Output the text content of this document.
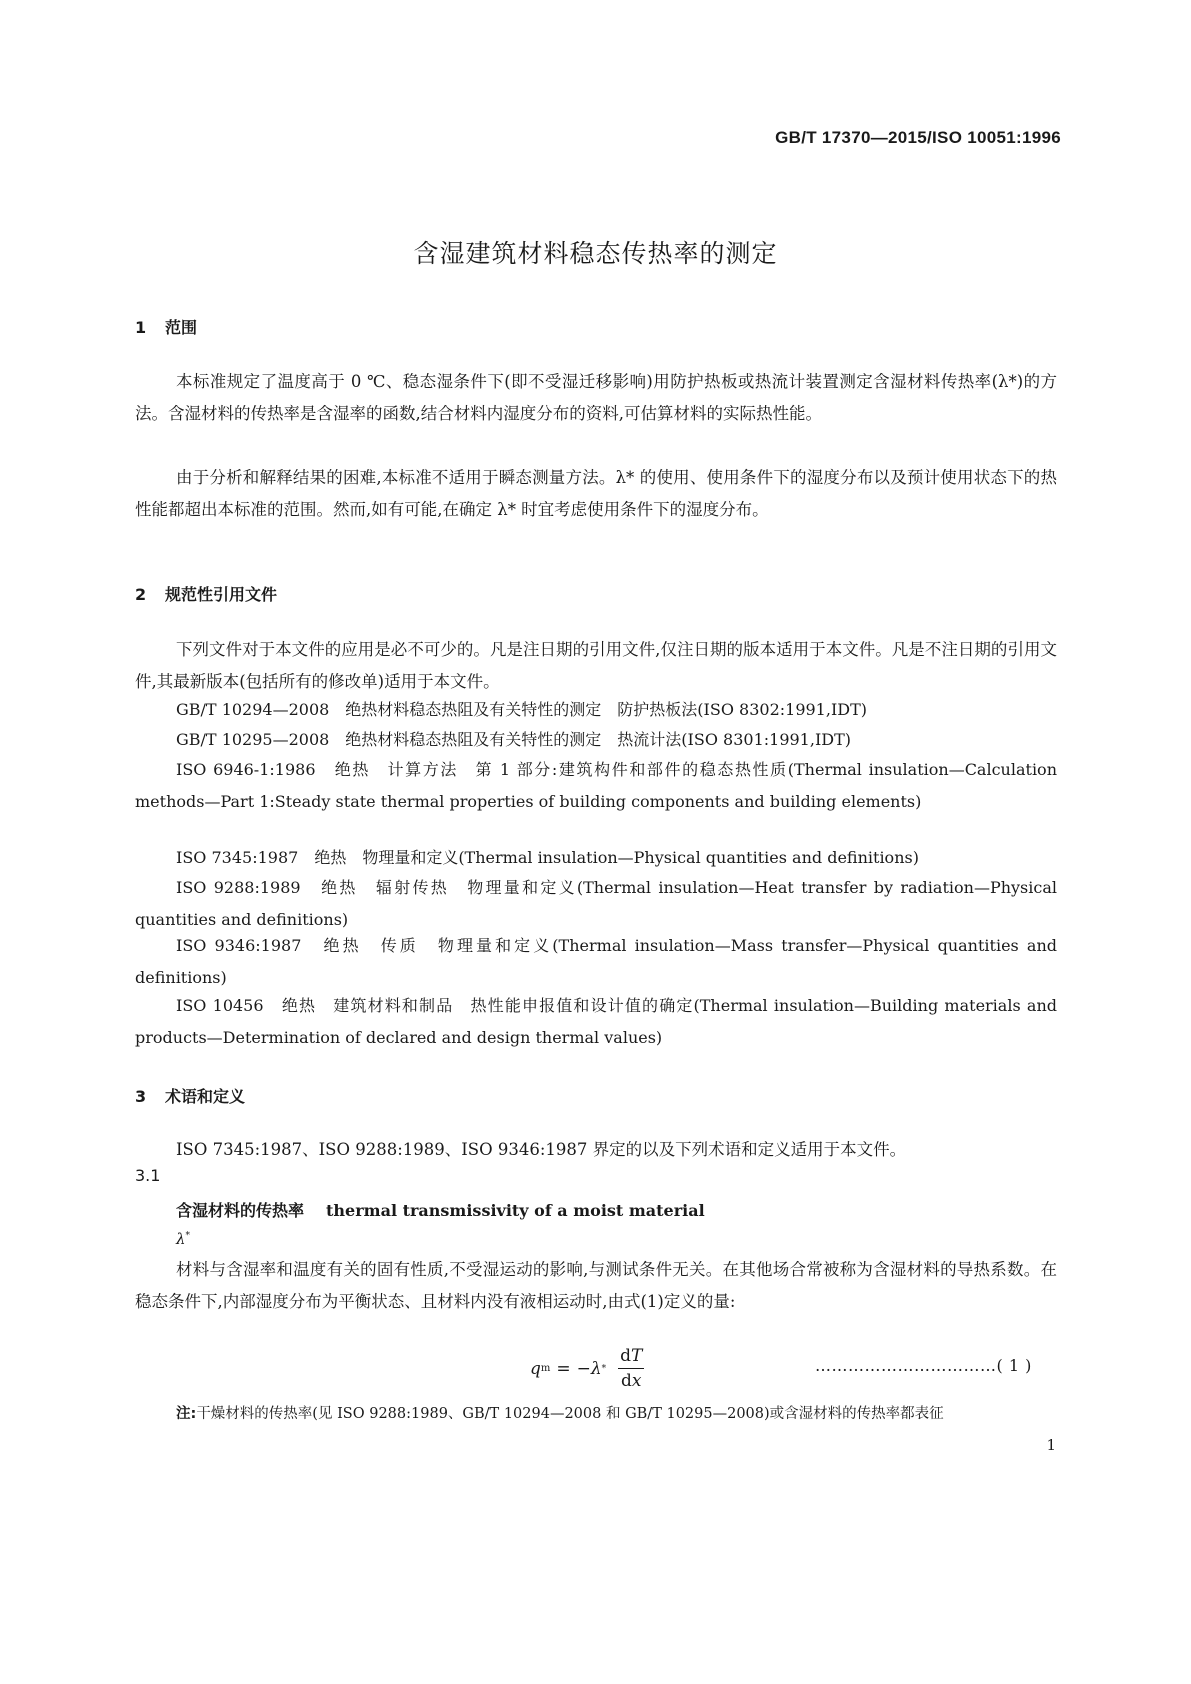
GB/T 17370—2015/ISO 10051:1996
含湿建筑材料稳态传热率的测定
1 范围
本标准规定了温度高于 0 ℃、稳态湿条件下(即不受湿迁移影响)用防护热板或热流计装置测定含湿材料传热率(λ*)的方法。含湿材料的传热率是含湿率的函数,结合材料内湿度分布的资料,可估算材料的实际热性能。
由于分析和解释结果的困难,本标准不适用于瞬态测量方法。λ* 的使用、使用条件下的湿度分布以及预计使用状态下的热性能都超出本标准的范围。然而,如有可能,在确定 λ* 时宜考虑使用条件下的湿度分布。
2 规范性引用文件
下列文件对于本文件的应用是必不可少的。凡是注日期的引用文件,仅注日期的版本适用于本文件。凡是不注日期的引用文件,其最新版本(包括所有的修改单)适用于本文件。
GB/T 10294—2008　绝热材料稳态热阻及有关特性的测定　防护热板法(ISO 8302:1991,IDT)
GB/T 10295—2008　绝热材料稳态热阻及有关特性的测定　热流计法(ISO 8301:1991,IDT)
ISO 6946-1:1986　绝热　计算方法　第 1 部分:建筑构件和部件的稳态热性质(Thermal insulation—Calculation methods—Part 1:Steady state thermal properties of building components and building elements)
ISO 7345:1987　绝热　物理量和定义(Thermal insulation—Physical quantities and definitions)
ISO 9288:1989　绝热　辐射传热　物理量和定义(Thermal insulation—Heat transfer by radiation—Physical quantities and definitions)
ISO 9346:1987　绝热　传质　物理量和定义(Thermal insulation—Mass transfer—Physical quantities and definitions)
ISO 10456　绝热　建筑材料和制品　热性能申报值和设计值的确定(Thermal insulation—Building materials and products—Determination of declared and design thermal values)
3 术语和定义
ISO 7345:1987、ISO 9288:1989、ISO 9346:1987 界定的以及下列术语和定义适用于本文件。
3.1
含湿材料的传热率 thermal transmissivity of a moist material
λ*
材料与含湿率和温度有关的固有性质,不受湿运动的影响,与测试条件无关。在其他场合常被称为含湿材料的导热系数。在稳态条件下,内部湿度分布为平衡状态、且材料内没有液相运动时,由式(1)定义的量:
q m = − λ * $\frac{dT}{dx}$	……………………………( 1 )
注:干燥材料的传热率(见 ISO 9288:1989、GB/T 10294—2008 和 GB/T 10295—2008)或含湿材料的传热率都表征
1
